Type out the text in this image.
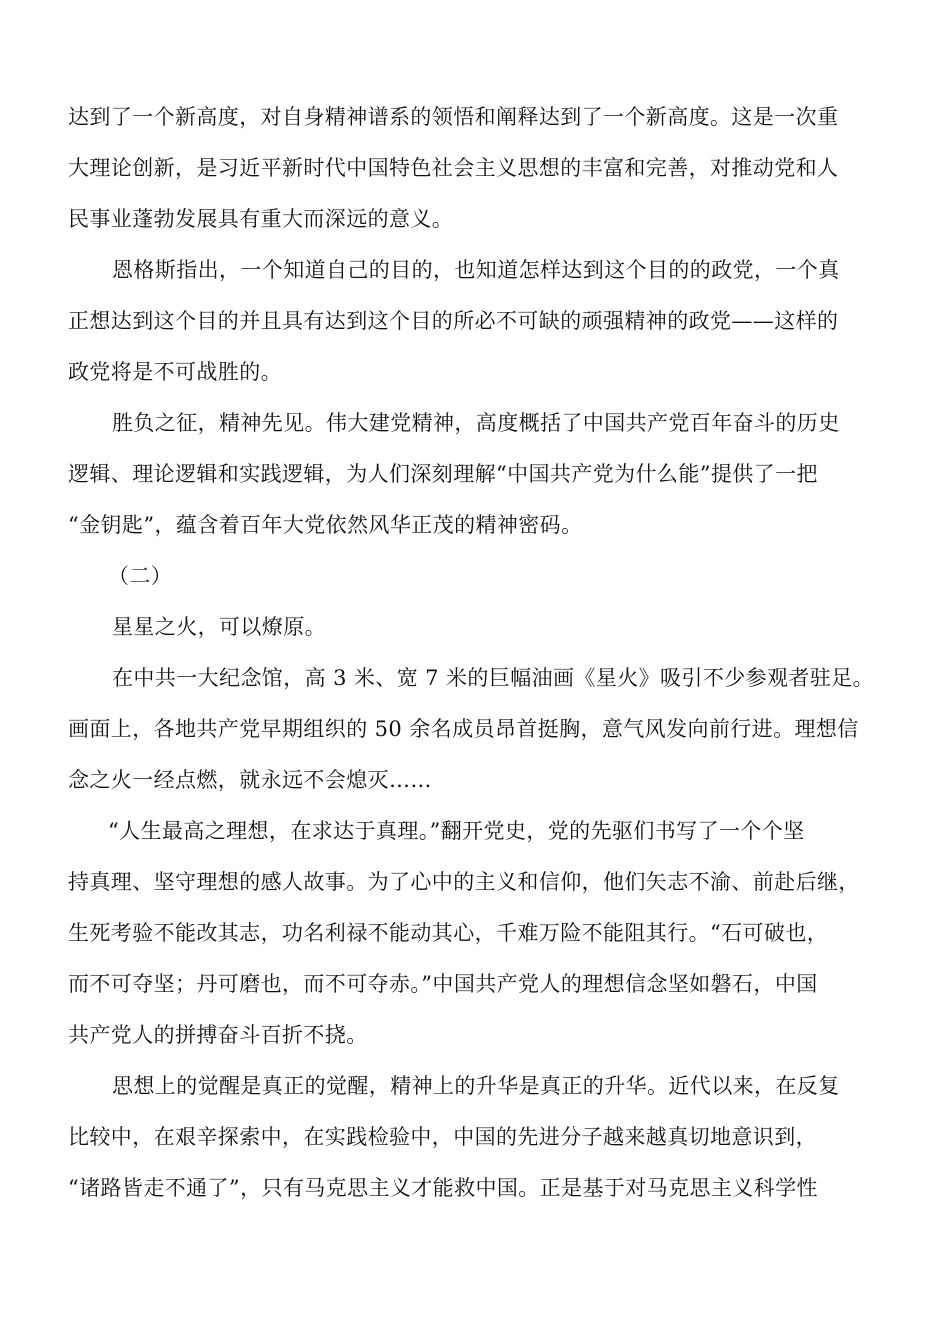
达到了一个新高度，对自身精神谱系的领悟和阐释达到了一个新高度。这是一次重
大理论创新，是习近平新时代中国特色社会主义思想的丰富和完善，对推动党和人
民事业蓬勃发展具有重大而深远的意义。
恩格斯指出，一个知道自己的目的，也知道怎样达到这个目的的政党，一个真
正想达到这个目的并且具有达到这个目的所必不可缺的顽强精神的政党——这样的
政党将是不可战胜的。
胜负之征，精神先见。伟大建党精神，高度概括了中国共产党百年奋斗的历史
逻辑、理论逻辑和实践逻辑，为人们深刻理解“中国共产党为什么能”提供了一把
“金钥匙”，蕴含着百年大党依然风华正茂的精神密码。
（二）
星星之火，可以燎原。
在中共一大纪念馆，高 3 米、宽 7 米的巨幅油画《星火》吸引不少参观者驻足。
画面上，各地共产党早期组织的 50 余名成员昂首挺胸，意气风发向前行进。理想信
念之火一经点燃，就永远不会熄灭……
“人生最高之理想，在求达于真理。”翻开党史，党的先驱们书写了一个个坚
持真理、坚守理想的感人故事。为了心中的主义和信仰，他们矢志不渝、前赴后继，
生死考验不能改其志，功名利禄不能动其心，千难万险不能阻其行。“石可破也，
而不可夺坚；丹可磨也，而不可夺赤。”中国共产党人的理想信念坚如磐石，中国
共产党人的拼搏奋斗百折不挠。
思想上的觉醒是真正的觉醒，精神上的升华是真正的升华。近代以来，在反复
比较中，在艰辛探索中，在实践检验中，中国的先进分子越来越真切地意识到，
“诸路皆走不通了”，只有马克思主义才能救中国。正是基于对马克思主义科学性
